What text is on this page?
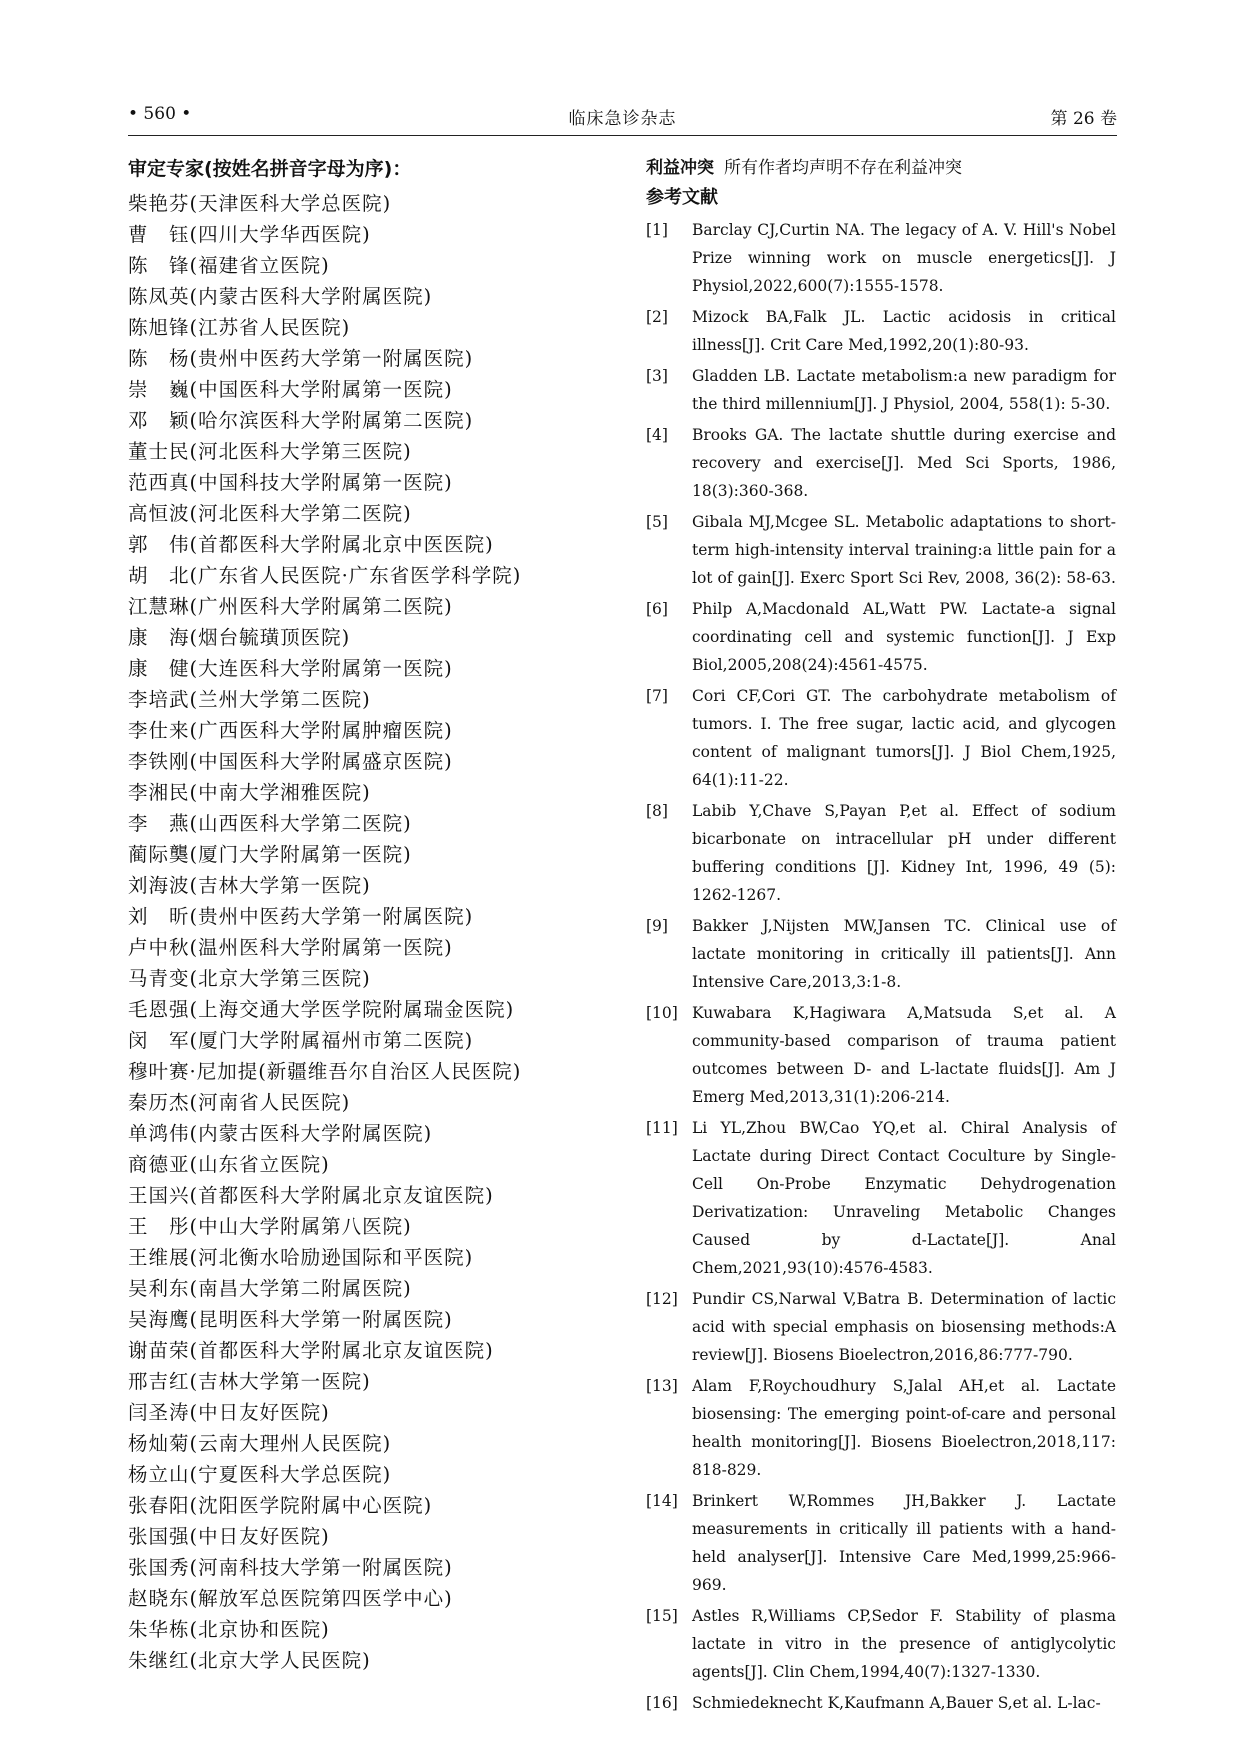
• 560 •	临床急诊杂志	第 26 卷
审定专家(按姓名拼音字母为序)：
柴艳芬(天津医科大学总医院)
曹　钰(四川大学华西医院)
陈　锋(福建省立医院)
陈凤英(内蒙古医科大学附属医院)
陈旭锋(江苏省人民医院)
陈　杨(贵州中医药大学第一附属医院)
崇　巍(中国医科大学附属第一医院)
邓　颖(哈尔滨医科大学附属第二医院)
董士民(河北医科大学第三医院)
范西真(中国科技大学附属第一医院)
高恒波(河北医科大学第二医院)
郭　伟(首都医科大学附属北京中医医院)
胡　北(广东省人民医院·广东省医学科学院)
江慧琳(广州医科大学附属第二医院)
康　海(烟台毓璜顶医院)
康　健(大连医科大学附属第一医院)
李培武(兰州大学第二医院)
李仕来(广西医科大学附属肿瘤医院)
李铁刚(中国医科大学附属盛京医院)
李湘民(中南大学湘雅医院)
李　燕(山西医科大学第二医院)
蔺际龑(厦门大学附属第一医院)
刘海波(吉林大学第一医院)
刘　昕(贵州中医药大学第一附属医院)
卢中秋(温州医科大学附属第一医院)
马青变(北京大学第三医院)
毛恩强(上海交通大学医学院附属瑞金医院)
闵　军(厦门大学附属福州市第二医院)
穆叶赛·尼加提(新疆维吾尔自治区人民医院)
秦历杰(河南省人民医院)
单鸿伟(内蒙古医科大学附属医院)
商德亚(山东省立医院)
王国兴(首都医科大学附属北京友谊医院)
王　彤(中山大学附属第八医院)
王维展(河北衡水哈励逊国际和平医院)
吴利东(南昌大学第二附属医院)
吴海鹰(昆明医科大学第一附属医院)
谢苗荣(首都医科大学附属北京友谊医院)
邢吉红(吉林大学第一医院)
闫圣涛(中日友好医院)
杨灿菊(云南大理州人民医院)
杨立山(宁夏医科大学总医院)
张春阳(沈阳医学院附属中心医院)
张国强(中日友好医院)
张国秀(河南科技大学第一附属医院)
赵晓东(解放军总医院第四医学中心)
朱华栋(北京协和医院)
朱继红(北京大学人民医院)
利益冲突 所有作者均声明不存在利益冲突
参考文献
[1] Barclay CJ,Curtin NA. The legacy of A. V. Hill's Nobel Prize winning work on muscle energetics[J]. J Physiol,2022,600(7):1555-1578.
[2] Mizock BA,Falk JL. Lactic acidosis in critical illness[J]. Crit Care Med,1992,20(1):80-93.
[3] Gladden LB. Lactate metabolism:a new paradigm for the third millennium[J]. J Physiol, 2004, 558(1): 5-30.
[4] Brooks GA. The lactate shuttle during exercise and recovery and exercise[J]. Med Sci Sports, 1986, 18(3):360-368.
[5] Gibala MJ,Mcgee SL. Metabolic adaptations to short-term high-intensity interval training:a little pain for a lot of gain[J]. Exerc Sport Sci Rev, 2008, 36(2): 58-63.
[6] Philp A,Macdonald AL,Watt PW. Lactate-a signal coordinating cell and systemic function[J]. J Exp Biol,2005,208(24):4561-4575.
[7] Cori CF,Cori GT. The carbohydrate metabolism of tumors. I. The free sugar, lactic acid, and glycogen content of malignant tumors[J]. J Biol Chem,1925, 64(1):11-22.
[8] Labib Y,Chave S,Payan P,et al. Effect of sodium bicarbonate on intracellular pH under different buffering conditions [J]. Kidney Int, 1996, 49 (5): 1262-1267.
[9] Bakker J,Nijsten MW,Jansen TC. Clinical use of lactate monitoring in critically ill patients[J]. Ann Intensive Care,2013,3:1-8.
[10] Kuwabara K,Hagiwara A,Matsuda S,et al. A community-based comparison of trauma patient outcomes between D- and L-lactate fluids[J]. Am J Emerg Med,2013,31(1):206-214.
[11] Li YL,Zhou BW,Cao YQ,et al. Chiral Analysis of Lactate during Direct Contact Coculture by Single-Cell On-Probe Enzymatic Dehydrogenation Derivatization: Unraveling Metabolic Changes Caused by d-Lactate[J]. Anal Chem,2021,93(10):4576-4583.
[12] Pundir CS,Narwal V,Batra B. Determination of lactic acid with special emphasis on biosensing methods:A review[J]. Biosens Bioelectron,2016,86:777-790.
[13] Alam F,Roychoudhury S,Jalal AH,et al. Lactate biosensing: The emerging point-of-care and personal health monitoring[J]. Biosens Bioelectron,2018,117: 818-829.
[14] Brinkert W,Rommes JH,Bakker J. Lactate measurements in critically ill patients with a hand-held analyser[J]. Intensive Care Med,1999,25:966-969.
[15] Astles R,Williams CP,Sedor F. Stability of plasma lactate in vitro in the presence of antiglycolytic agents[J]. Clin Chem,1994,40(7):1327-1330.
[16] Schmiedeknecht K,Kaufmann A,Bauer S,et al. L-lac-
